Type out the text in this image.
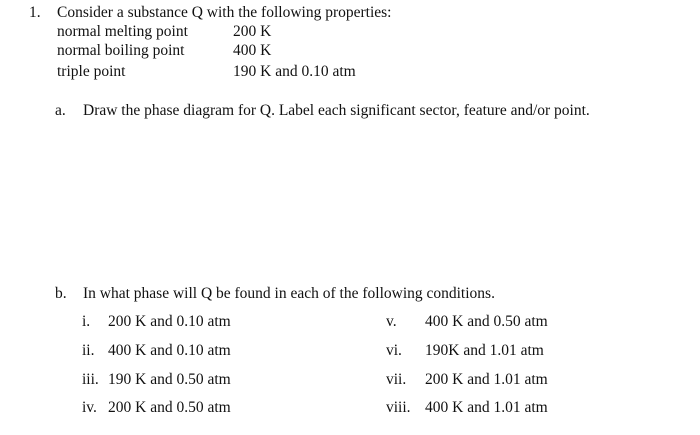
1. Consider a substance Q with the following properties:
normal melting point	200 K
normal boiling point	400 K
triple point	190 K and 0.10 atm
a. Draw the phase diagram for Q. Label each significant sector, feature and/or point.
b. In what phase will Q be found in each of the following conditions.
i. 200 K and 0.10 atm
ii. 400 K and 0.10 atm
iii. 190 K and 0.50 atm
iv. 200 K and 0.50 atm
v. 400 K and 0.50 atm
vi. 190K and 1.01 atm
vii. 200 K and 1.01 atm
viii. 400 K and 1.01 atm
